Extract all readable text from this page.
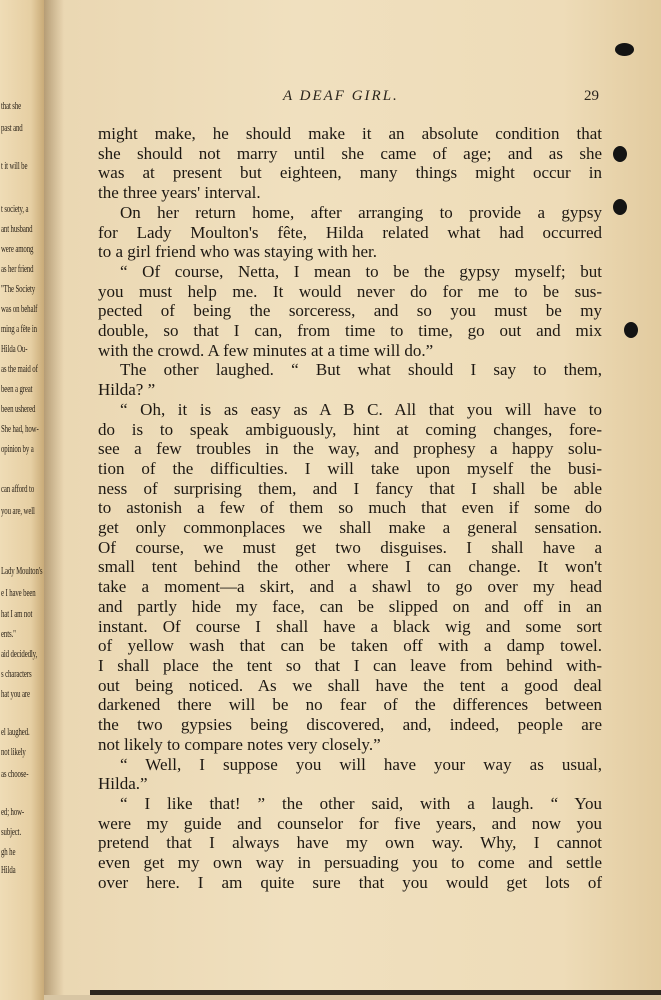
that she
past and
t it will be
t society, a
ant husband
were among
as her friend
"The Society
was on behalf
ming a fête in
Hilda Ou-
as the maid of
been a great
been ushered
She had, how-
opinion by a
can afford to
you are, well
Lady Moulton's
e I have been
hat I am not
ents."
aid decidedly,
s characters
hat you are
el laughed.
not likely
as choose-
ed; how-
subject.
gh he
Hilda
A DEAF GIRL.	29
might make, he should make it an absolute condition that
she should not marry until she came of age; and as she
was at present but eighteen, many things might occur in
the three years' interval.
On her return home, after arranging to provide a gypsy
for Lady Moulton's fête, Hilda related what had occurred
to a girl friend who was staying with her.
“ Of course, Netta, I mean to be the gypsy myself; but
you must help me. It would never do for me to be sus-
pected of being the sorceress, and so you must be my
double, so that I can, from time to time, go out and mix
with the crowd. A few minutes at a time will do.”
The other laughed. “ But what should I say to them,
Hilda? ”
“ Oh, it is as easy as A B C. All that you will have to
do is to speak ambiguously, hint at coming changes, fore-
see a few troubles in the way, and prophesy a happy solu-
tion of the difficulties. I will take upon myself the busi-
ness of surprising them, and I fancy that I shall be able
to astonish a few of them so much that even if some do
get only commonplaces we shall make a general sensation.
Of course, we must get two disguises. I shall have a
small tent behind the other where I can change. It won't
take a moment—a skirt, and a shawl to go over my head
and partly hide my face, can be slipped on and off in an
instant. Of course I shall have a black wig and some sort
of yellow wash that can be taken off with a damp towel.
I shall place the tent so that I can leave from behind with-
out being noticed. As we shall have the tent a good deal
darkened there will be no fear of the differences between
the two gypsies being discovered, and, indeed, people are
not likely to compare notes very closely.”
“ Well, I suppose you will have your way as usual,
Hilda.”
“ I like that! ” the other said, with a laugh. “ You
were my guide and counselor for five years, and now you
pretend that I always have my own way. Why, I cannot
even get my own way in persuading you to come and settle
over here. I am quite sure that you would get lots of
